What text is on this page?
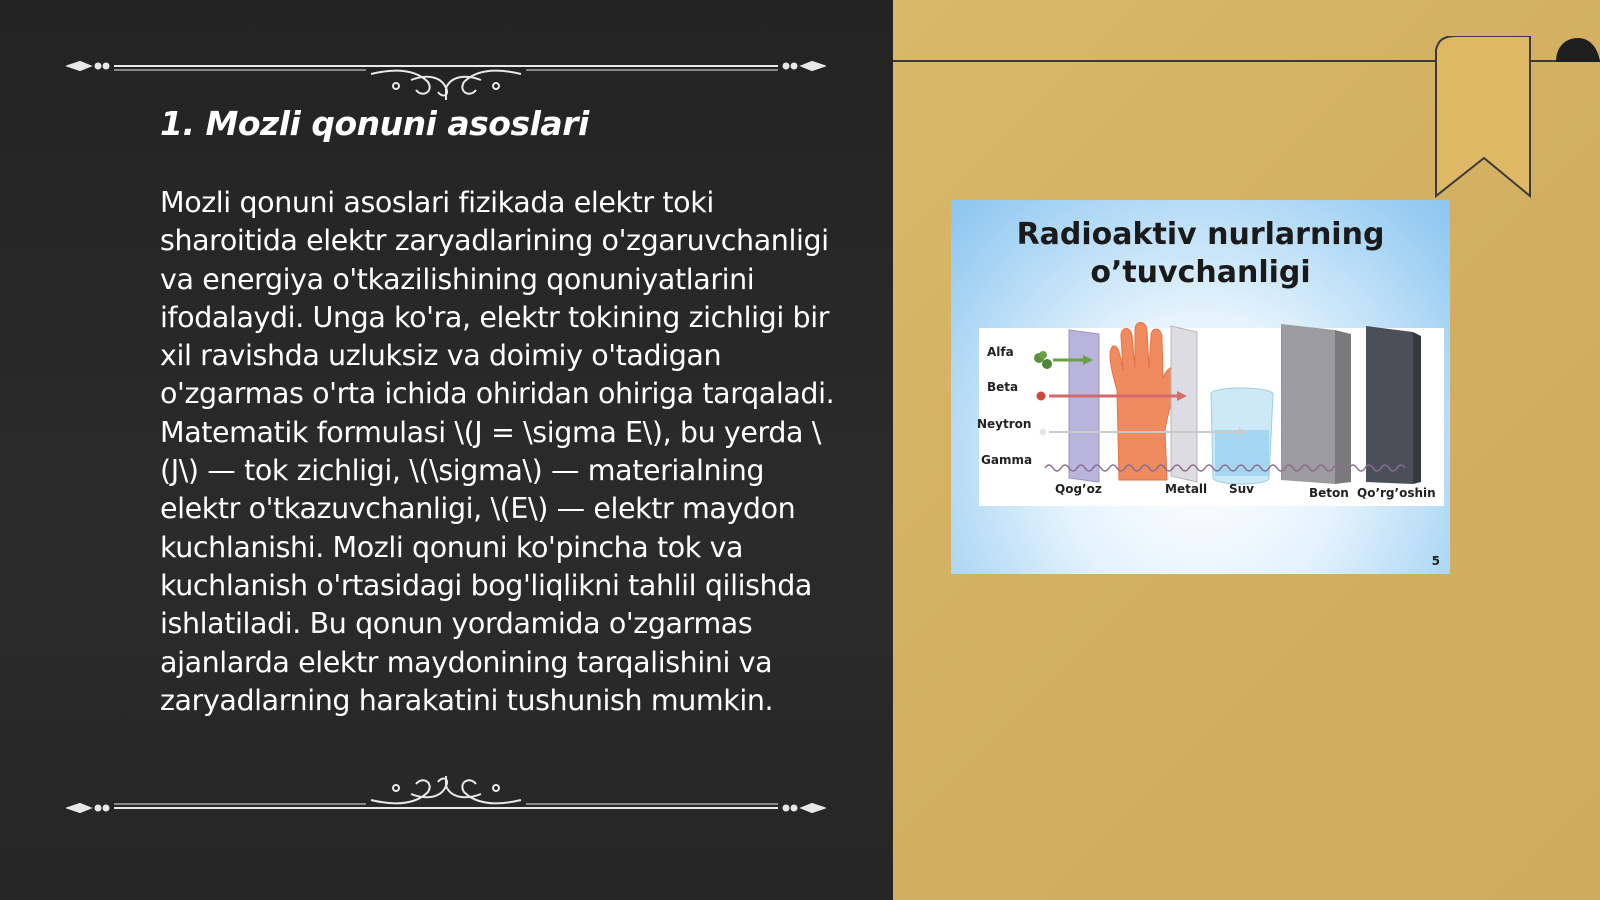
1. Mozli qonuni asoslari

Mozli qonuni asoslari fizikada elektr toki sharoitida elektr zaryadlarining o'zgaruvchanligi va energiya o'tkazilishining qonuniyatlarini ifodalaydi. Unga ko'ra, elektr tokining zichligi bir xil ravishda uzluksiz va doimiy o'tadigan o'zgarmas o'rta ichida ohiridan ohiriga tarqaladi. Matematik formulasi \(J = \sigma E\), bu yerda \(J\) — tok zichligi, \(\sigma\) — materialning elektr o'tkazuvchanligi, \(E\) — elektr maydon kuchlanishi. Mozli qonuni ko'pincha tok va kuchlanish o'rtasidagi bog'liqlikni tahlil qilishda ishlatiladi. Bu qonun yordamida o'zgarmas ajanlarda elektr maydonining tarqalishini va zaryadlarning harakatini tushunish mumkin.

Radioaktiv nurlarning
o’tuvchanligi
Alfa
Beta
Neytron
Gamma
Qog’oz	Metall Suv	Beton Qo’rg’oshin
5
